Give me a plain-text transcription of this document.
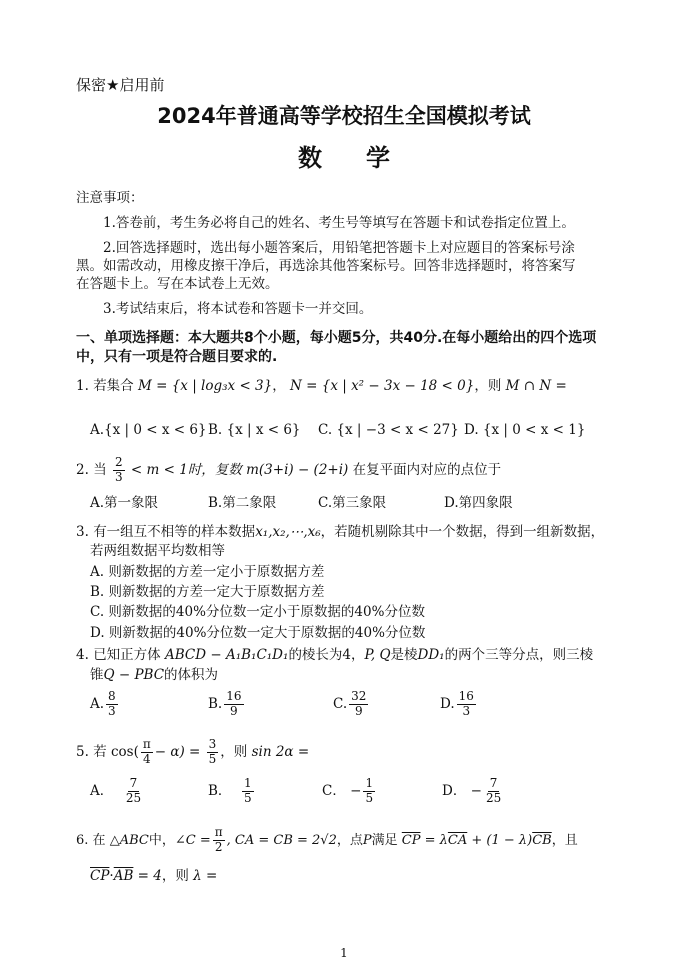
保密★启用前
2024年普通高等学校招生全国模拟考试
数学
注意事项：
1.答卷前，考生务必将自己的姓名、考生号等填写在答题卡和试卷指定位置上。
2.回答选择题时，选出每小题答案后，用铅笔把答题卡上对应题目的答案标号涂
黑。如需改动，用橡皮擦干净后，再选涂其他答案标号。回答非选择题时，将答案写
在答题卡上。写在本试卷上无效。
3.考试结束后，将本试卷和答题卡一并交回。
一、单项选择题：本大题共8个小题，每小题5分，共40分.在每小题给出的四个选项
中，只有一项是符合题目要求的.
1. 若集合 M = {x | log₃x < 3}， N = {x | x² − 3x − 18 < 0}，则 M ∩ N =
A.{x | 0 < x < 6} B. {x | x < 6} C. {x | −3 < x < 27} D. {x | 0 < x < 1}
2. 当 $\frac{2}{3} < m < 1$时，复数 m(3+i) − (2+i) 在复平面内对应的点位于
A.第一象限	B.第二象限	C.第三象限	D.第四象限
3. 有一组互不相等的样本数据x₁,x₂,⋯,x₆，若随机剔除其中一个数据，得到一组新数据，
若两组数据平均数相等
A. 则新数据的方差一定小于原数据方差
B. 则新数据的方差一定大于原数据方差
C. 则新数据的40%分位数一定小于原数据的40%分位数
D. 则新数据的40%分位数一定大于原数据的40%分位数
4. 已知正方体 ABCD − A₁B₁C₁D₁的棱长为4，P, Q是棱DD₁的两个三等分点，则三棱
锥Q − PBC的体积为
A. $\frac{8}{3}$	B. $\frac{16}{9}$	C. $\frac{32}{9}$	D. $\frac{16}{3}$
5. 若 $\cos( \frac{\pi}{4} - \alpha) = \frac{3}{5}$ ，则 sin 2α =
A． $\frac{7}{25}$	B． $\frac{1}{5}$	C． − $\frac{1}{5}$	D． − $\frac{7}{25}$
6. 在 △ABC中，∠C = $\frac{\pi}{2}$ , CA = CB = 2√2，点P满足 $\overline{CP} = \lambda\overline{CA} + (1 - \lambda)\overline{CB}$，且
$\overline{CP}\cdot\overline{AB} = 4$，则 λ =
1
